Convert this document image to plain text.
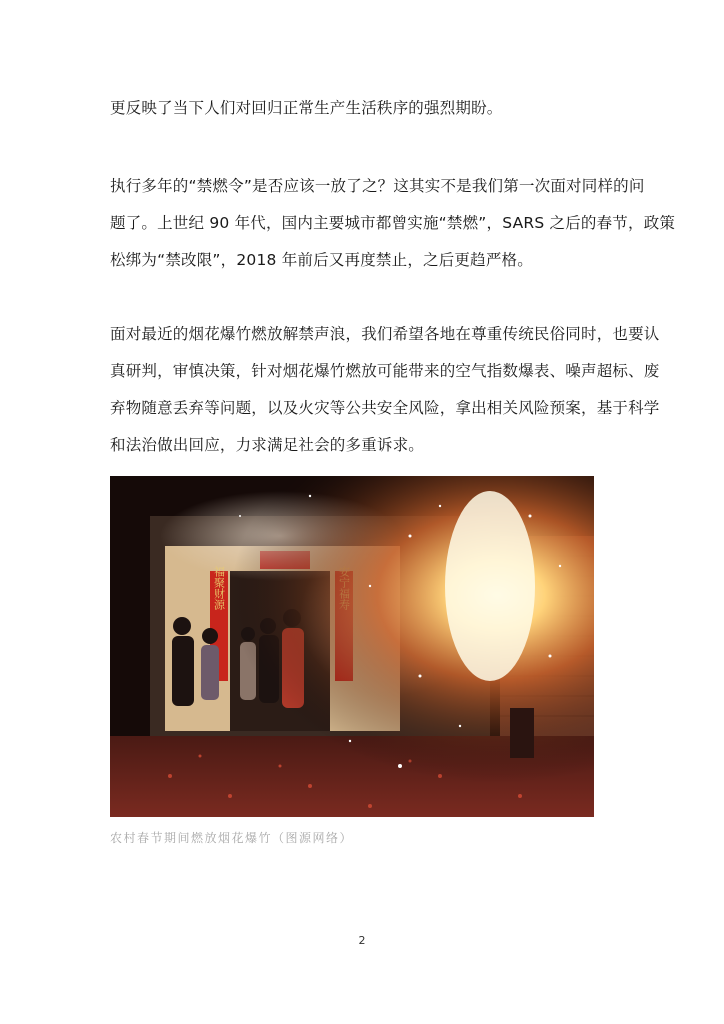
更反映了当下人们对回归正常生产生活秩序的强烈期盼。
执行多年的“禁燃令”是否应该一放了之？这其实不是我们第一次面对同样的问
题了。上世纪 90 年代，国内主要城市都曾实施“禁燃”，SARS 之后的春节，政策
松绑为“禁改限”，2018 年前后又再度禁止，之后更趋严格。
面对最近的烟花爆竹燃放解禁声浪，我们希望各地在尊重传统民俗同时，也要认
真研判，审慎决策，针对烟花爆竹燃放可能带来的空气指数爆表、噪声超标、废
弃物随意丢弃等问题，以及火灾等公共安全风险，拿出相关风险预案，基于科学
和法治做出回应，力求满足社会的多重诉求。
农村春节期间燃放烟花爆竹（图源网络）
2
